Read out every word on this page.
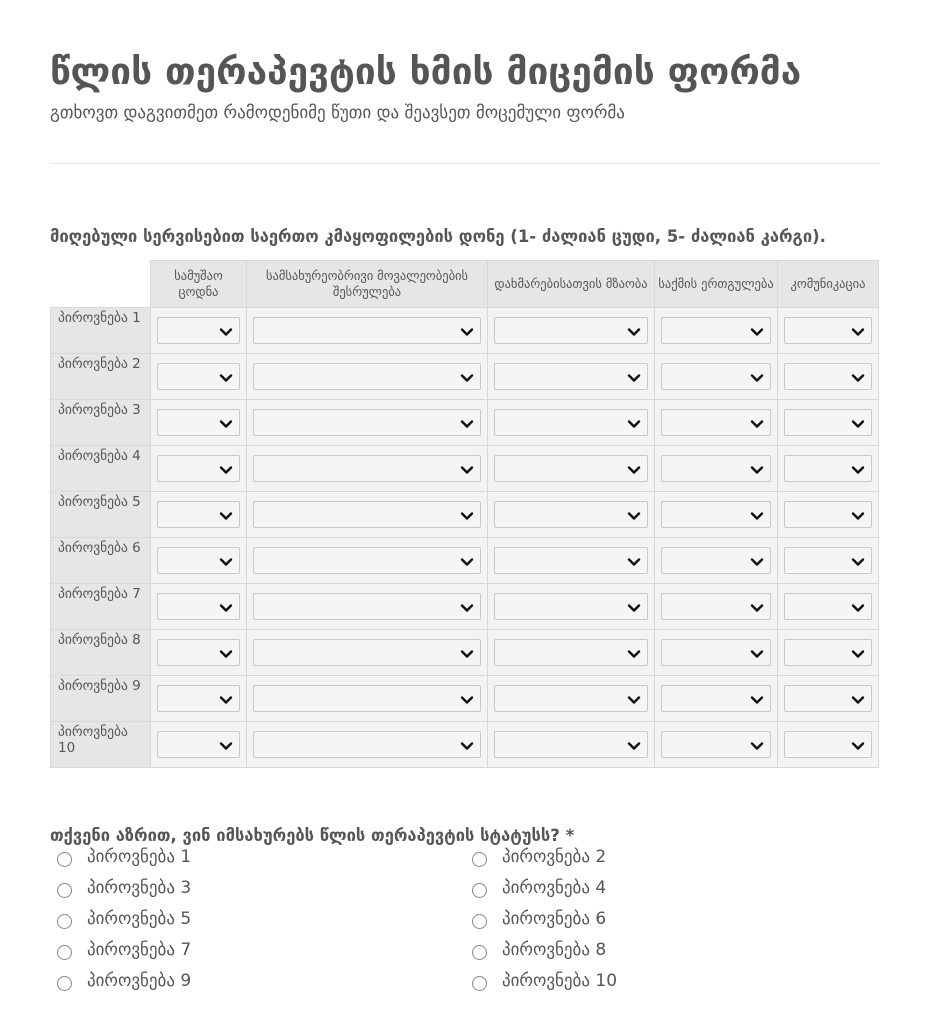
წლის თერაპევტის ხმის მიცემის ფორმა
გთხოვთ დაგვითმეთ რამოდენიმე წუთი და შეავსეთ მოცემული ფორმა
მიღებული სერვისებით საერთო კმაყოფილების დონე (1- ძალიან ცუდი, 5- ძალიან კარგი).
	სამუშაო ცოდნა	სამსახურეობრივი მოვალეობების შესრულება	დახმარებისათვის მზაობა	საქმის ერთგულება	კომუნიკაცია
პიროვნება 1	

პიროვნება 2	

პიროვნება 3	

პიროვნება 4	

პიროვნება 5	

პიროვნება 6	

პიროვნება 7	

პიროვნება 8	

პიროვნება 9	

პიროვნება 10	

თქვენი აზრით, ვინ იმსახურებს წლის თერაპევტის სტატუსს? *
პიროვნება 1	პიროვნება 2
პიროვნება 3	პიროვნება 4
პიროვნება 5	პიროვნება 6
პიროვნება 7	პიროვნება 8
პიროვნება 9	პიროვნება 10
